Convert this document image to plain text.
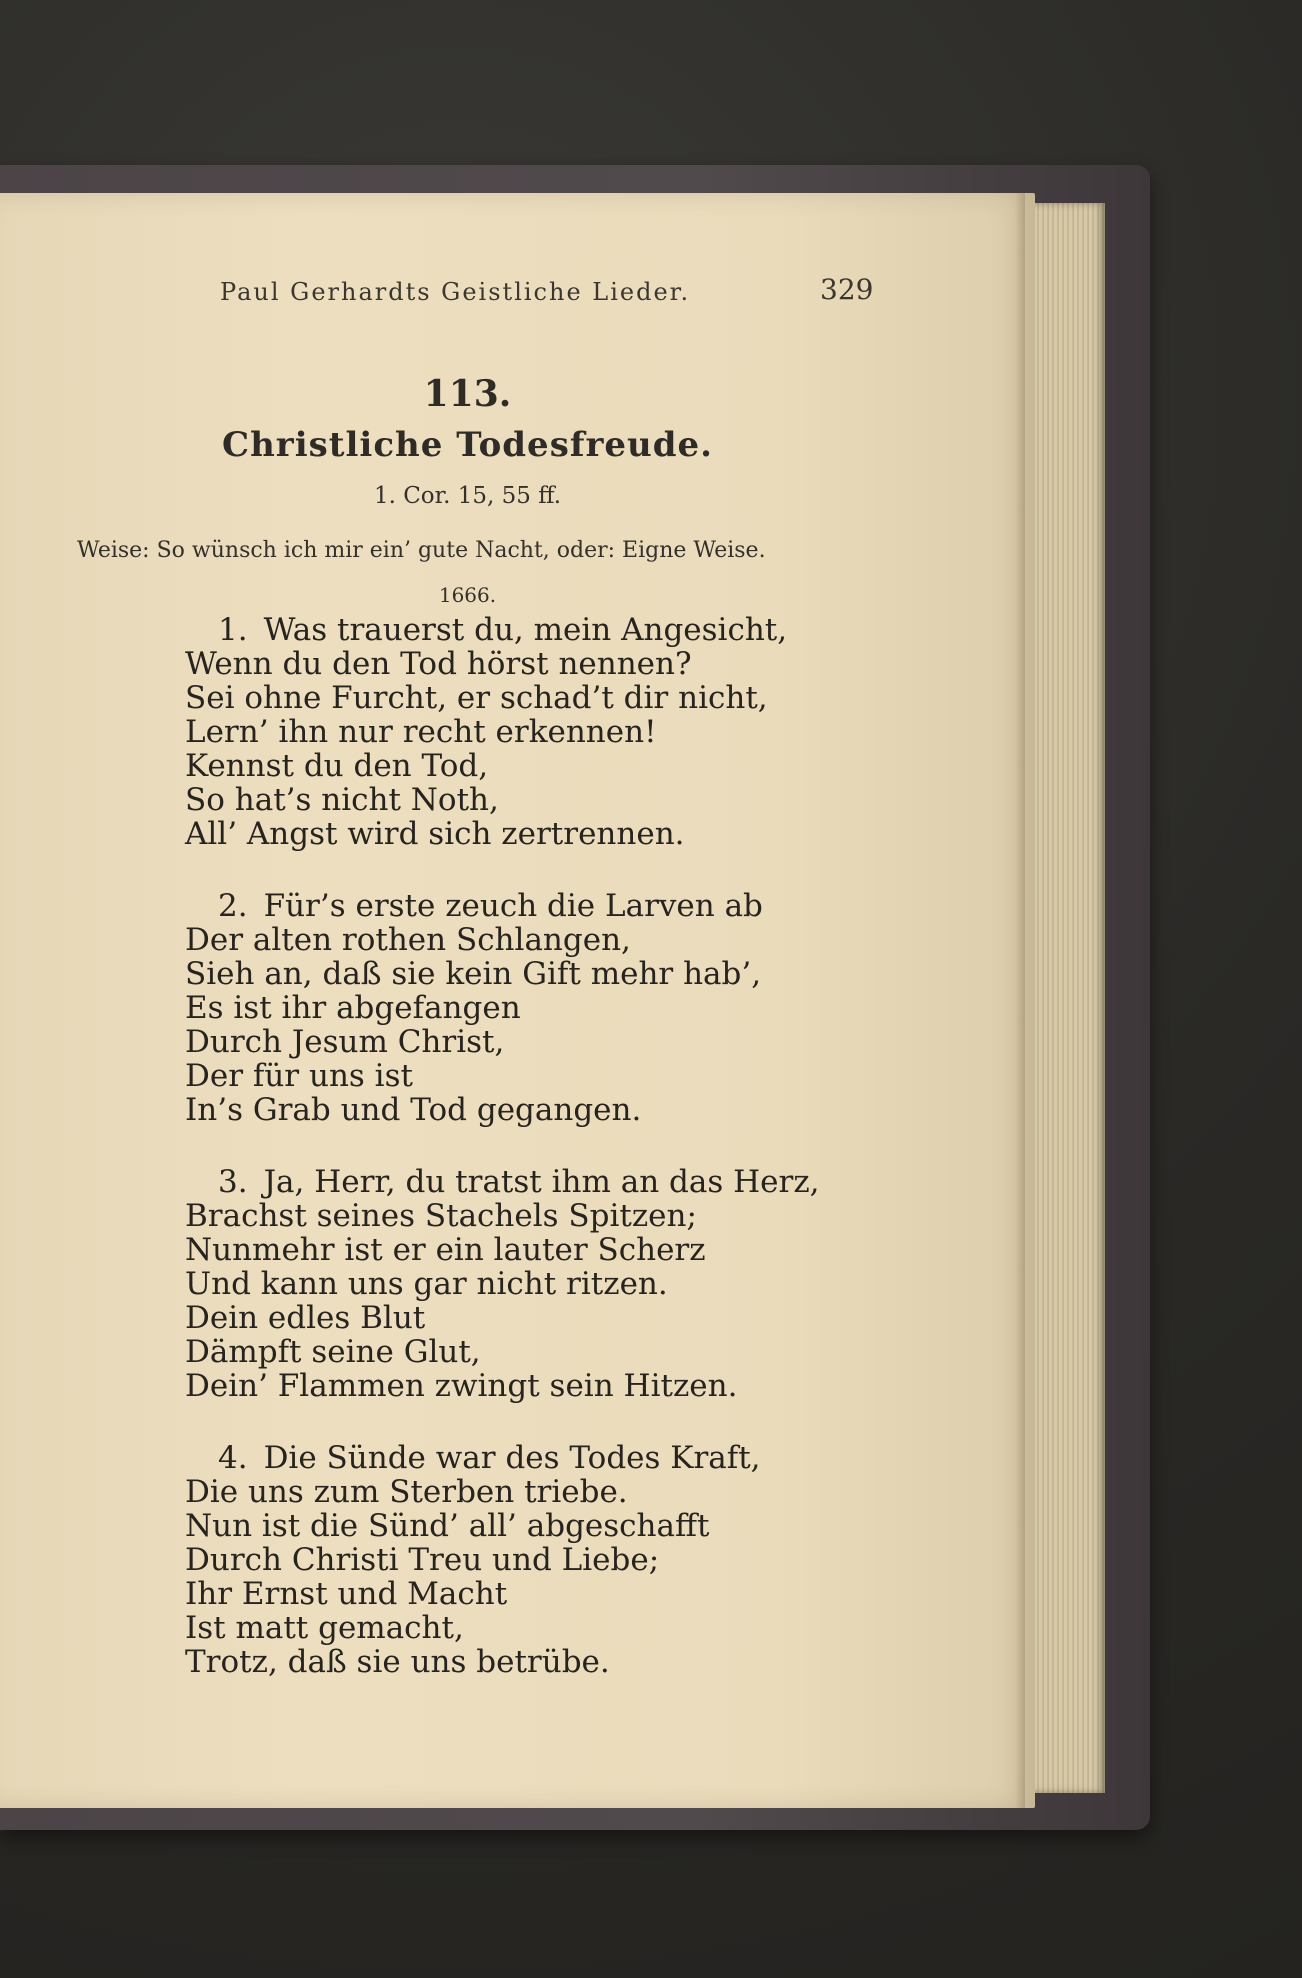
Paul Gerhardts Geistliche Lieder.	329
113.
Christliche Todesfreude.
1. Cor. 15, 55 ff.
Weise: So wünsch ich mir ein’ gute Nacht, oder: Eigne Weise.
1666.
1. Was trauerst du, mein Angesicht,
Wenn du den Tod hörst nennen?
Sei ohne Furcht, er schad’t dir nicht,
Lern’ ihn nur recht erkennen!
Kennst du den Tod,
So hat’s nicht Noth,
All’ Angst wird sich zertrennen.
2. Für’s erste zeuch die Larven ab
Der alten rothen Schlangen,
Sieh an, daß sie kein Gift mehr hab’,
Es ist ihr abgefangen
Durch Jesum Christ,
Der für uns ist
In’s Grab und Tod gegangen.
3. Ja, Herr, du tratst ihm an das Herz,
Brachst seines Stachels Spitzen;
Nunmehr ist er ein lauter Scherz
Und kann uns gar nicht ritzen.
Dein edles Blut
Dämpft seine Glut,
Dein’ Flammen zwingt sein Hitzen.
4. Die Sünde war des Todes Kraft,
Die uns zum Sterben triebe.
Nun ist die Sünd’ all’ abgeschafft
Durch Christi Treu und Liebe;
Ihr Ernst und Macht
Ist matt gemacht,
Trotz, daß sie uns betrübe.
